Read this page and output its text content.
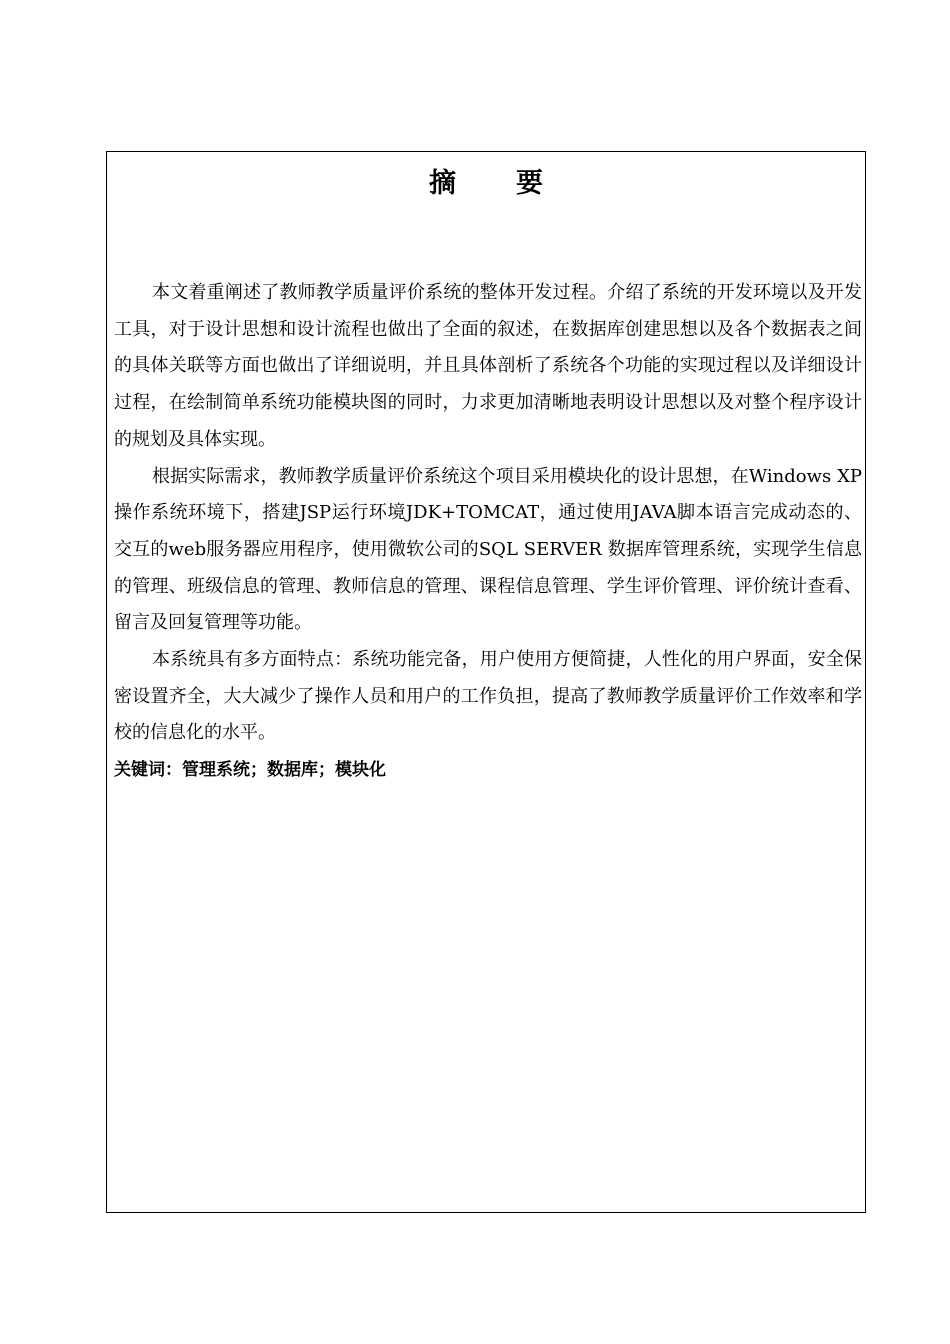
摘要

本文着重阐述了教师教学质量评价系统的整体开发过程。介绍了系统的开发环境以及开发工具，对于设计思想和设计流程也做出了全面的叙述，在数据库创建思想以及各个数据表之间的具体关联等方面也做出了详细说明，并且具体剖析了系统各个功能的实现过程以及详细设计过程，在绘制简单系统功能模块图的同时，力求更加清晰地表明设计思想以及对整个程序设计的规划及具体实现。

根据实际需求，教师教学质量评价系统这个项目采用模块化的设计思想，在Windows XP操作系统环境下，搭建JSP运行环境JDK+TOMCAT，通过使用JAVA脚本语言完成动态的、交互的web服务器应用程序，使用微软公司的SQL SERVER 数据库管理系统，实现学生信息的管理、班级信息的管理、教师信息的管理、课程信息管理、学生评价管理、评价统计查看、留言及回复管理等功能。

本系统具有多方面特点：系统功能完备，用户使用方便简捷，人性化的用户界面，安全保密设置齐全，大大减少了操作人员和用户的工作负担，提高了教师教学质量评价工作效率和学校的信息化的水平。

关键词：管理系统；数据库；模块化
